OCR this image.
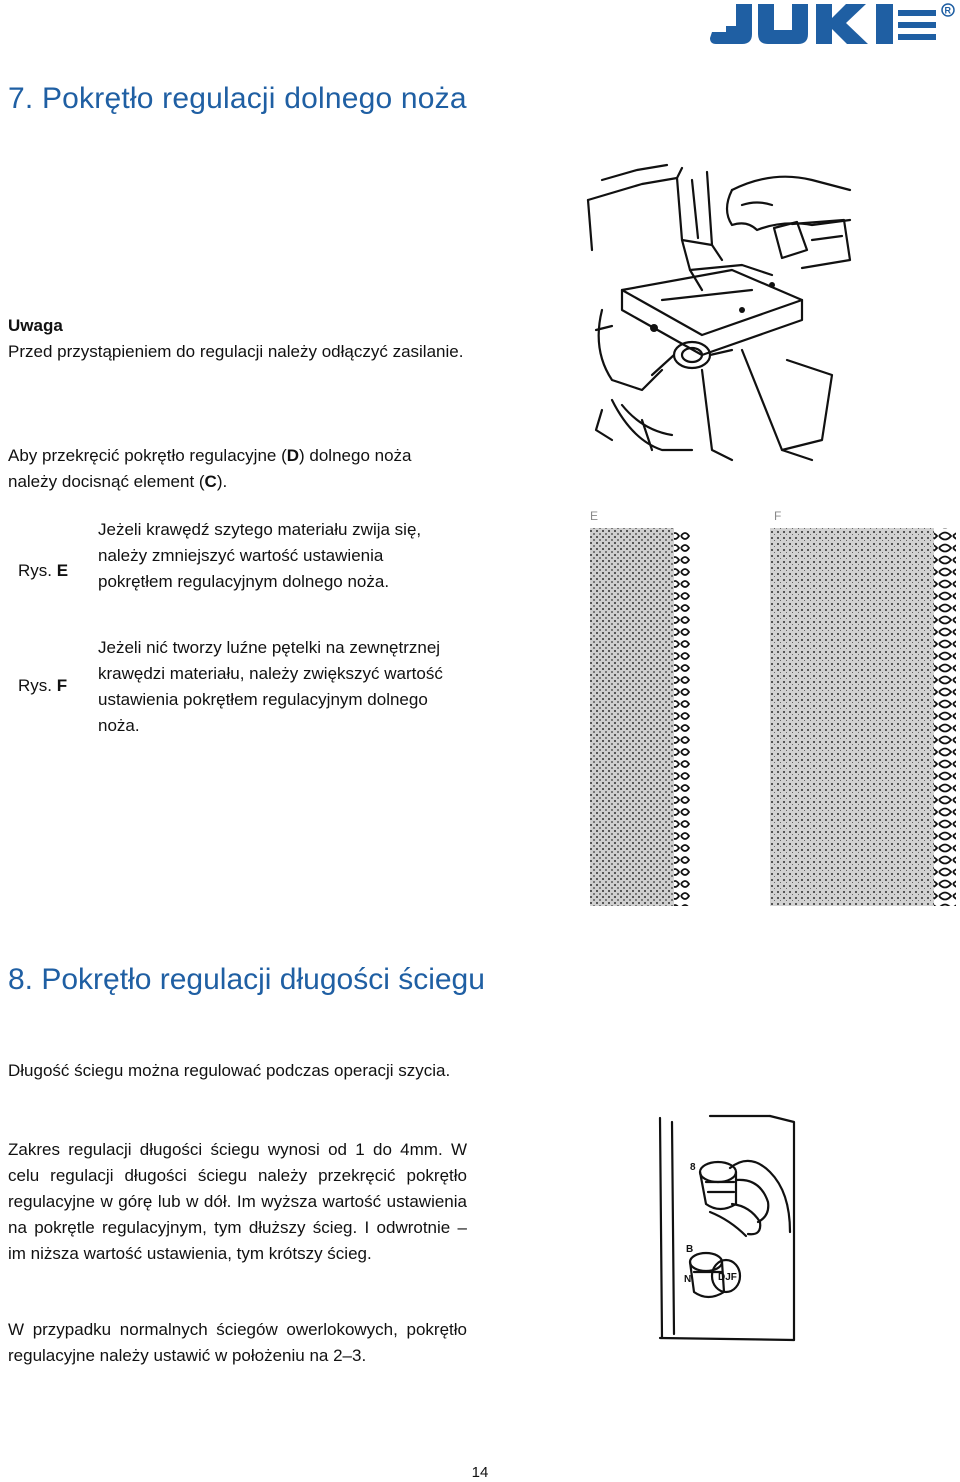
R
7. Pokrętło regulacji dolnego noża
Uwaga
Przed przystąpieniem do regulacji należy odłączyć zasilanie.
Aby przekręcić pokrętło regulacyjne (D) dolnego noża
należy docisnąć element (C).
Rys. E
Jeżeli krawędź szytego materiału zwija się, należy zmniejszyć wartość ustawienia pokrętłem regulacyjnym dolnego noża.
Rys. F
Jeżeli nić tworzy luźne pętelki na zewnętrznej krawędzi materiału, należy zwiększyć wartość ustawienia pokrętłem regulacyjnym dolnego noża.
E	F
8. Pokrętło regulacji długości ściegu
Długość ściegu można regulować podczas operacji szycia.
Zakres regulacji długości ściegu wynosi od 1 do 4mm. W celu regulacji długości ściegu należy przekręcić pokrętło regulacyjne w górę lub w dół. Im wyższa wartość ustawienia na pokrętle regulacyjnym, tym dłuższy ścieg. I odwrotnie – im niższa wartość ustawienia, tym krótszy ścieg.
W przypadku normalnych ściegów owerlokowych, pokrętło regulacyjne należy ustawić w położeniu na 2–3.
8
B
N	DJF
14
